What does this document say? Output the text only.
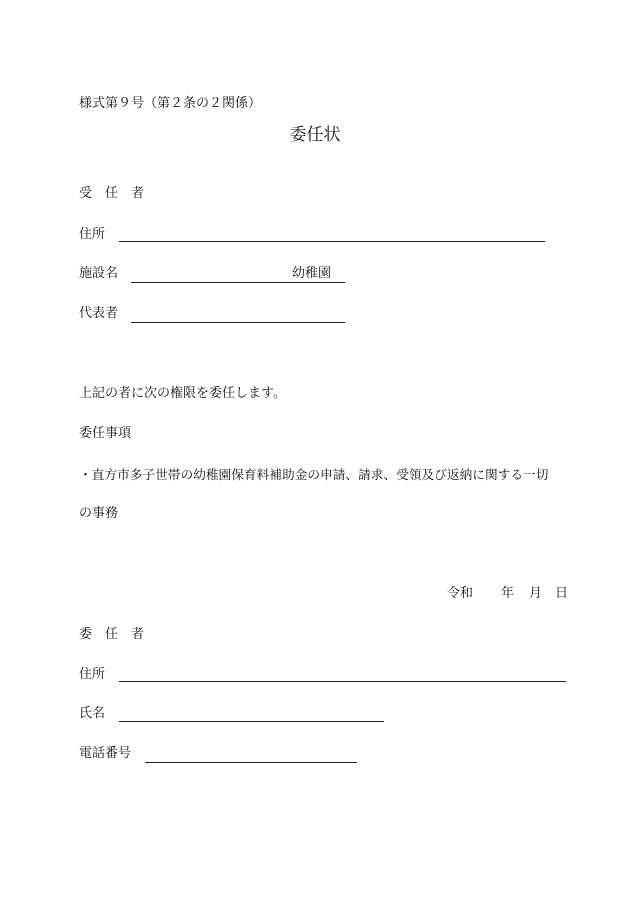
様式第９号（第２条の２関係）
委任状
受　任　者
住所
施設名	幼稚園
代表者
上記の者に次の権限を委任します。
委任事項
・直方市多子世帯の幼稚園保育料補助金の申請、請求、受領及び返納に関する一切
の事務
令和 年 月 日
委　任　者
住所
氏名
電話番号
